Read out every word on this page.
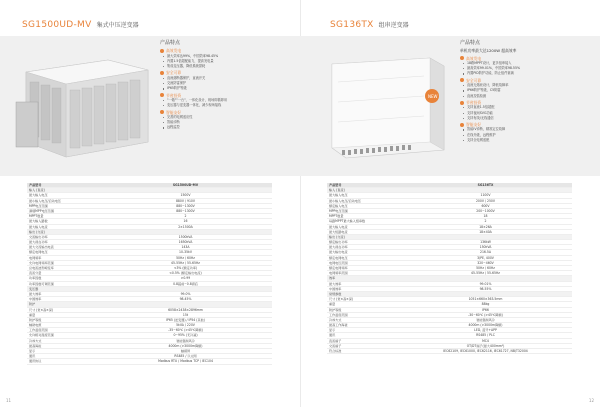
SG1500UD-MV 集式中压逆变器
产品特点
高效发电
最大效率达99%，中国效率98.45%
内置1.5倍超配能力，提高发电量
集成变压器，降低系统损耗
安全可靠
直流熔断器保护，直流开关
交流防雷保护
IP65防护等级
节省投资
"一箱""一台"，一体化设计，现场即插即用
变压器与逆变器一体化，减少现场接线
智能友好
完善的电网适应性
智能诊断
远程监控
产品型号	SG1500UD-MV
输入 (直流)
最大输入电压	1500V
最小输入电压/启动电压	880V / 910V
MPP电压范围	880~1300V
满载MPP电压范围	880~1300V
MPPT数量	2
最大输入路数	16
最大输入电流	2×1500A
输出 (交流)
交流输出功率	1500kVA
最大视在功率	1650kVA
最大交流输出电流	143A
额定电网电压	10-35kV
电网频率	50Hz / 60Hz
允许电网频率范围	45-55Hz / 55-65Hz
总电流波形畸变率	<3% (额定功率)
直流分量	<0.5% (额定输出电流)
功率因数	>0.99
功率因数可调范围	0.8超前~0.8滞后
变压器
最大效率	99.0%
中国效率	98.45%
防护
尺寸 (宽×高×深)	6058×2438×2896mm
重量	15t
防护等级	IP65 (逆变器) / IP54 (其他)
辅助电源	5kVA / 220V
工作温度范围	-35~60℃ (>45℃降额)
允许相对湿度范围	0~95% (无冷凝)
冷却方式	智能强制风冷
最高海拔	4000m (>3000m降额)
显示	触摸屏
通讯	RS485 / 以太网
通讯协议	Modbus RTU / Modbus TCP / IEC104
11
SG136TX 组串逆变器
NEW
产品特点
单机功率最大达1200W 超高效率
高效发电
18路MPPT设计，更多组串接入
最高效率99.01%，中国效率98.55%
内置PID防护功能，防止组件衰减
安全可靠
直流无熔丝设计，降低故障率
IP66防护等级，C5防腐
直流拉弧检测
节省投资
支持直流1.5倍超配
支持夜间SVG功能
支持有线/无线通信
智能友好
智能IV诊断，精准定位故障
在线升级，远程维护
支持全电网适配
产品型号	SG136TX
输入 (直流)
最大输入电压	1100V
最小输入电压/启动电压	200V / 250V
额定输入电压	600V
MPP电压范围	200~1000V
MPPT数量	18
每路MPPT最大输入组串数	2
最大输入电流	18×26A
最大短路电流	18×40A
输出 (交流)
额定输出功率	136kW
最大视在功率	150kVA
最大输出电流	216.5A
额定电网电压	3/PE, 400V
电网电压范围	320~460V
额定电网频率	50Hz / 60Hz
电网频率范围	45-55Hz / 55-65Hz
效率
最大效率	99.01%
中国效率	98.55%
常规参数
尺寸 (宽×高×深)	1051×660×363.5mm
重量	88kg
防护等级	IP66
工作温度范围	-30~60℃ (>45℃降额)
冷却方式	智能强制风冷
最高工作海拔	4000m (>3000m降额)
显示	LED, 蓝牙+APP
通讯	RS485 / PLC
直流端子	MC4
交流端子	OT/DT端子(最大400mm²)
符合标准	IEC62109, IEC61000, IEC62116, IEC61727, NB/T32004
12
